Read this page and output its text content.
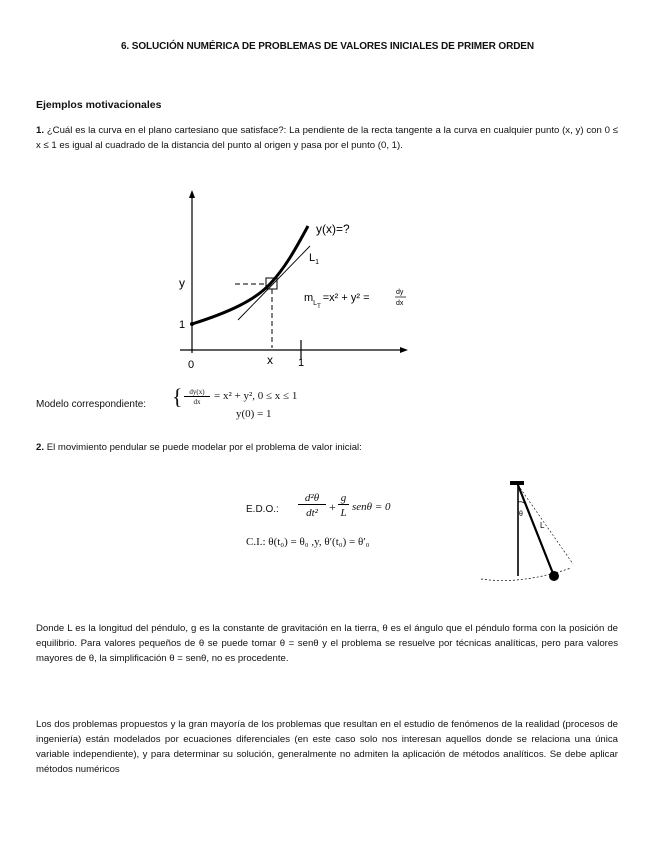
6. SOLUCIÓN NUMÉRICA DE PROBLEMAS DE VALORES INICIALES DE PRIMER ORDEN
Ejemplos motivacionales
1. ¿Cuál es la curva en el plano cartesiano que satisface?: La pendiente de la recta tangente a la curva en cualquier punto (x, y) con 0 ≤ x ≤ 1 es igual al cuadrado de la distancia del punto al origen y pasa por el punto (0, 1).
y(x)=?
$L_1$
y
1
0	x 1
$m_{LT}=x^2 + y^2$ =	dy
dx
Modelo correspondiente: { dy(x)
dx	= x² + y², 0 ≤ x ≤ 1
y(0) = 1
2. El movimiento pendular se puede modelar por el problema de valor inicial:
E.D.O.:
d²θ
dt² +
g
L senθ = 0
C.I.: θ(t₀) = θ₀ ,y, θ′(t₀) = θ′₀
θ
L
Donde L es la longitud del péndulo, g es la constante de gravitación en la tierra, θ es el ángulo que el péndulo forma con la posición de equilibrio. Para valores pequeños de θ se puede tomar θ = senθ y el problema se resuelve por técnicas analíticas, pero para valores mayores de θ, la simplificación θ = senθ, no es procedente.
Los dos problemas propuestos y la gran mayoría de los problemas que resultan en el estudio de fenómenos de la realidad (procesos de ingeniería) están modelados por ecuaciones diferenciales (en este caso solo nos interesan aquellos donde se relaciona una única variable independiente), y para determinar su solución, generalmente no admiten la aplicación de métodos analíticos. Se debe aplicar métodos numéricos
